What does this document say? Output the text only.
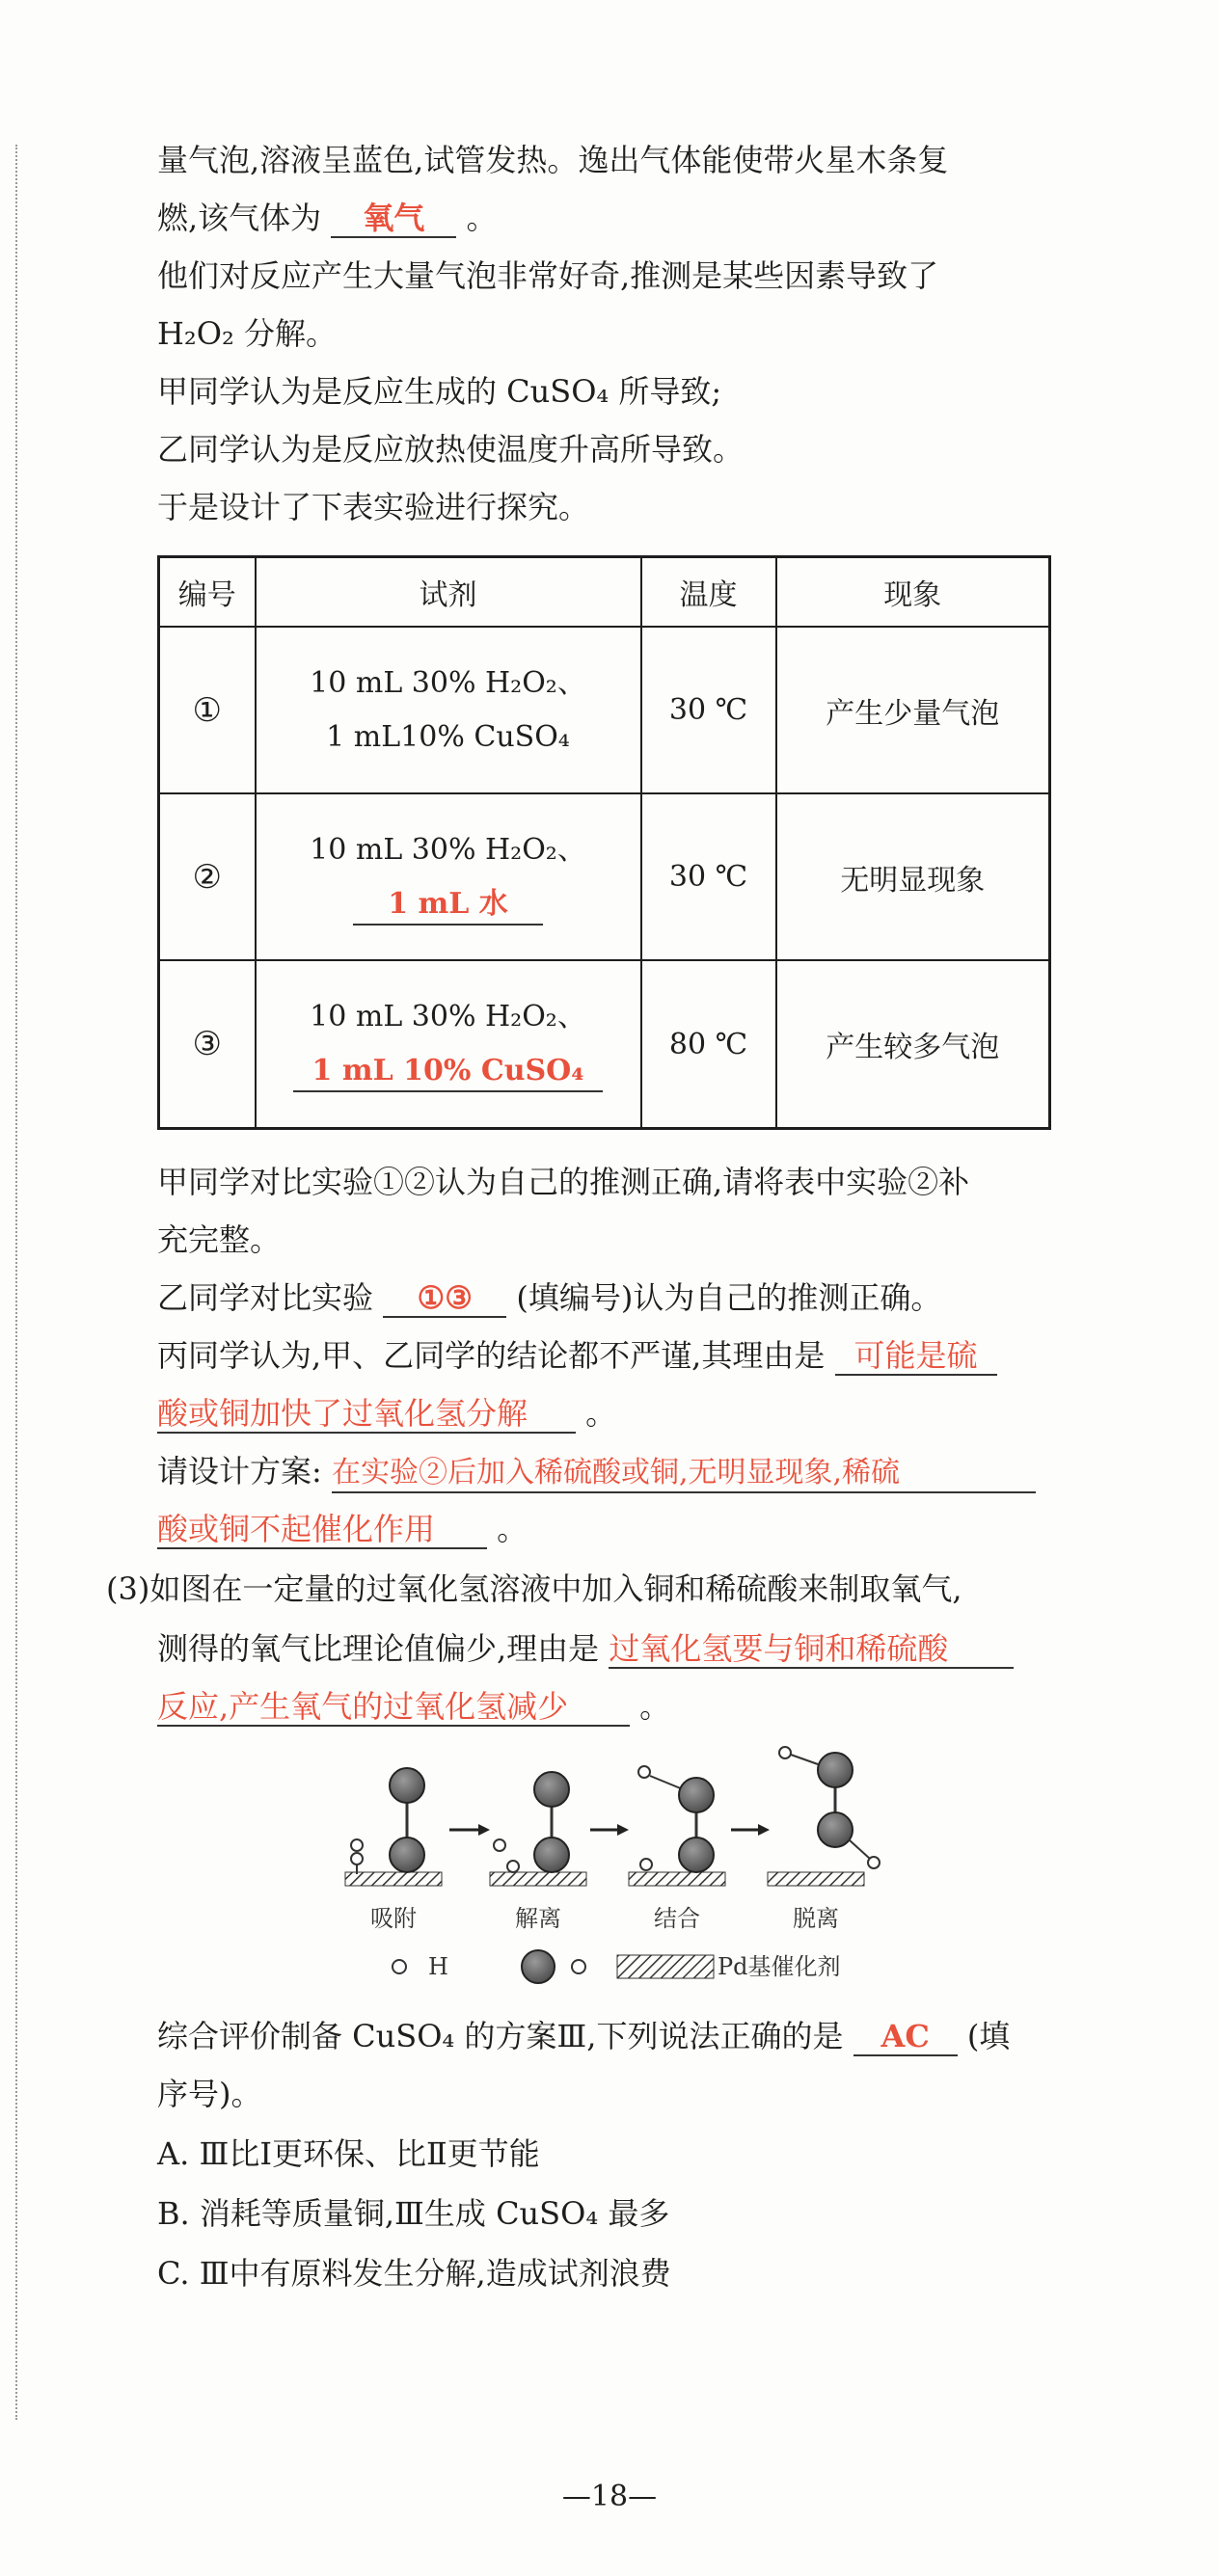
量气泡,溶液呈蓝色,试管发热。逸出气体能使带火星木条复
燃,该气体为 氧气 。
他们对反应产生大量气泡非常好奇,推测是某些因素导致了
H₂O₂ 分解。
甲同学认为是反应生成的 CuSO₄ 所导致;
乙同学认为是反应放热使温度升高所导致。
于是设计了下表实验进行探究。
编号	试剂	温度	现象
①	10 mL 30% H₂O₂、
1 mL10% CuSO₄	30 ℃	产生少量气泡
②	10 mL 30% H₂O₂、
1 mL 水	30 ℃	无明显现象
③	10 mL 30% H₂O₂、
1 mL 10% CuSO₄	80 ℃	产生较多气泡
甲同学对比实验①②认为自己的推测正确,请将表中实验②补
充完整。
乙同学对比实验 ①③ (填编号)认为自己的推测正确。
丙同学认为,甲、乙同学的结论都不严谨,其理由是 可能是硫
酸或铜加快了过氧化氢分解 。
请设计方案: 在实验②后加入稀硫酸或铜,无明显现象,稀硫
酸或铜不起催化作用 。
(3)如图在一定量的过氧化氢溶液中加入铜和稀硫酸来制取氧气,
测得的氧气比理论值偏少,理由是 过氧化氢要与铜和稀硫酸
反应,产生氧气的过氧化氢减少 。
吸附	解离	结合	脱离
H	Pd基催化剂
综合评价制备 CuSO₄ 的方案Ⅲ,下列说法正确的是 AC (填
序号)。
A. Ⅲ比Ⅰ更环保、比Ⅱ更节能
B. 消耗等质量铜,Ⅲ生成 CuSO₄ 最多
C. Ⅲ中有原料发生分解,造成试剂浪费
—18—
